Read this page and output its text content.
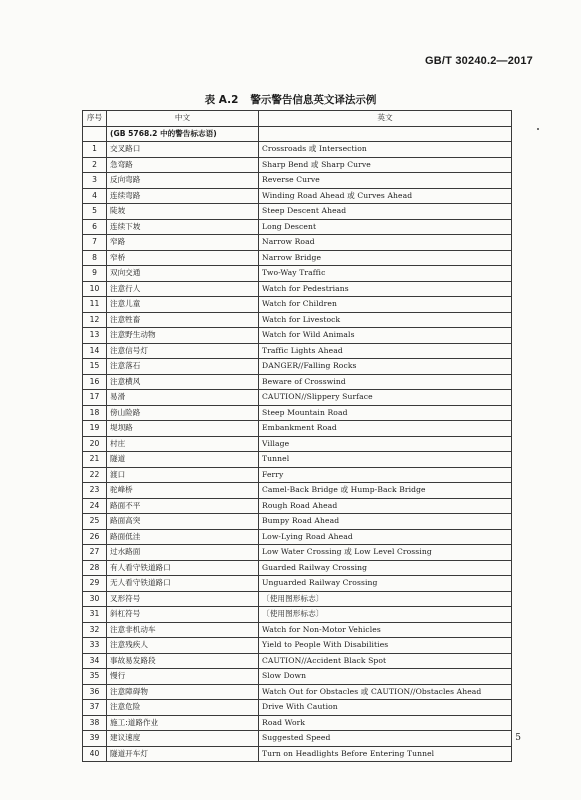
GB/T 30240.2—2017
表 A.2 警示警告信息英文译法示例
序号	中文	英文
	(GB 5768.2 中的警告标志语)	
1	交叉路口	Crossroads 或 Intersection
2	急弯路	Sharp Bend 或 Sharp Curve
3	反向弯路	Reverse Curve
4	连续弯路	Winding Road Ahead 或 Curves Ahead
5	陡坡	Steep Descent Ahead
6	连续下坡	Long Descent
7	窄路	Narrow Road
8	窄桥	Narrow Bridge
9	双向交通	Two-Way Traffic
10	注意行人	Watch for Pedestrians
11	注意儿童	Watch for Children
12	注意牲畜	Watch for Livestock
13	注意野生动物	Watch for Wild Animals
14	注意信号灯	Traffic Lights Ahead
15	注意落石	DANGER//Falling Rocks
16	注意横风	Beware of Crosswind
17	易滑	CAUTION//Slippery Surface
18	傍山险路	Steep Mountain Road
19	堤坝路	Embankment Road
20	村庄	Village
21	隧道	Tunnel
22	渡口	Ferry
23	驼峰桥	Camel-Back Bridge 或 Hump-Back Bridge
24	路面不平	Rough Road Ahead
25	路面高突	Bumpy Road Ahead
26	路面低洼	Low-Lying Road Ahead
27	过水路面	Low Water Crossing 或 Low Level Crossing
28	有人看守铁道路口	Guarded Railway Crossing
29	无人看守铁道路口	Unguarded Railway Crossing
30	叉形符号	〔使用图形标志〕
31	斜杠符号	〔使用图形标志〕
32	注意非机动车	Watch for Non-Motor Vehicles
33	注意残疾人	Yield to People With Disabilities
34	事故易发路段	CAUTION//Accident Black Spot
35	慢行	Slow Down
36	注意障碍物	Watch Out for Obstacles 或 CAUTION//Obstacles Ahead
37	注意危险	Drive With Caution
38	施工:道路作业	Road Work
39	建议速度	Suggested Speed
40	隧道开车灯	Turn on Headlights Before Entering Tunnel
5
